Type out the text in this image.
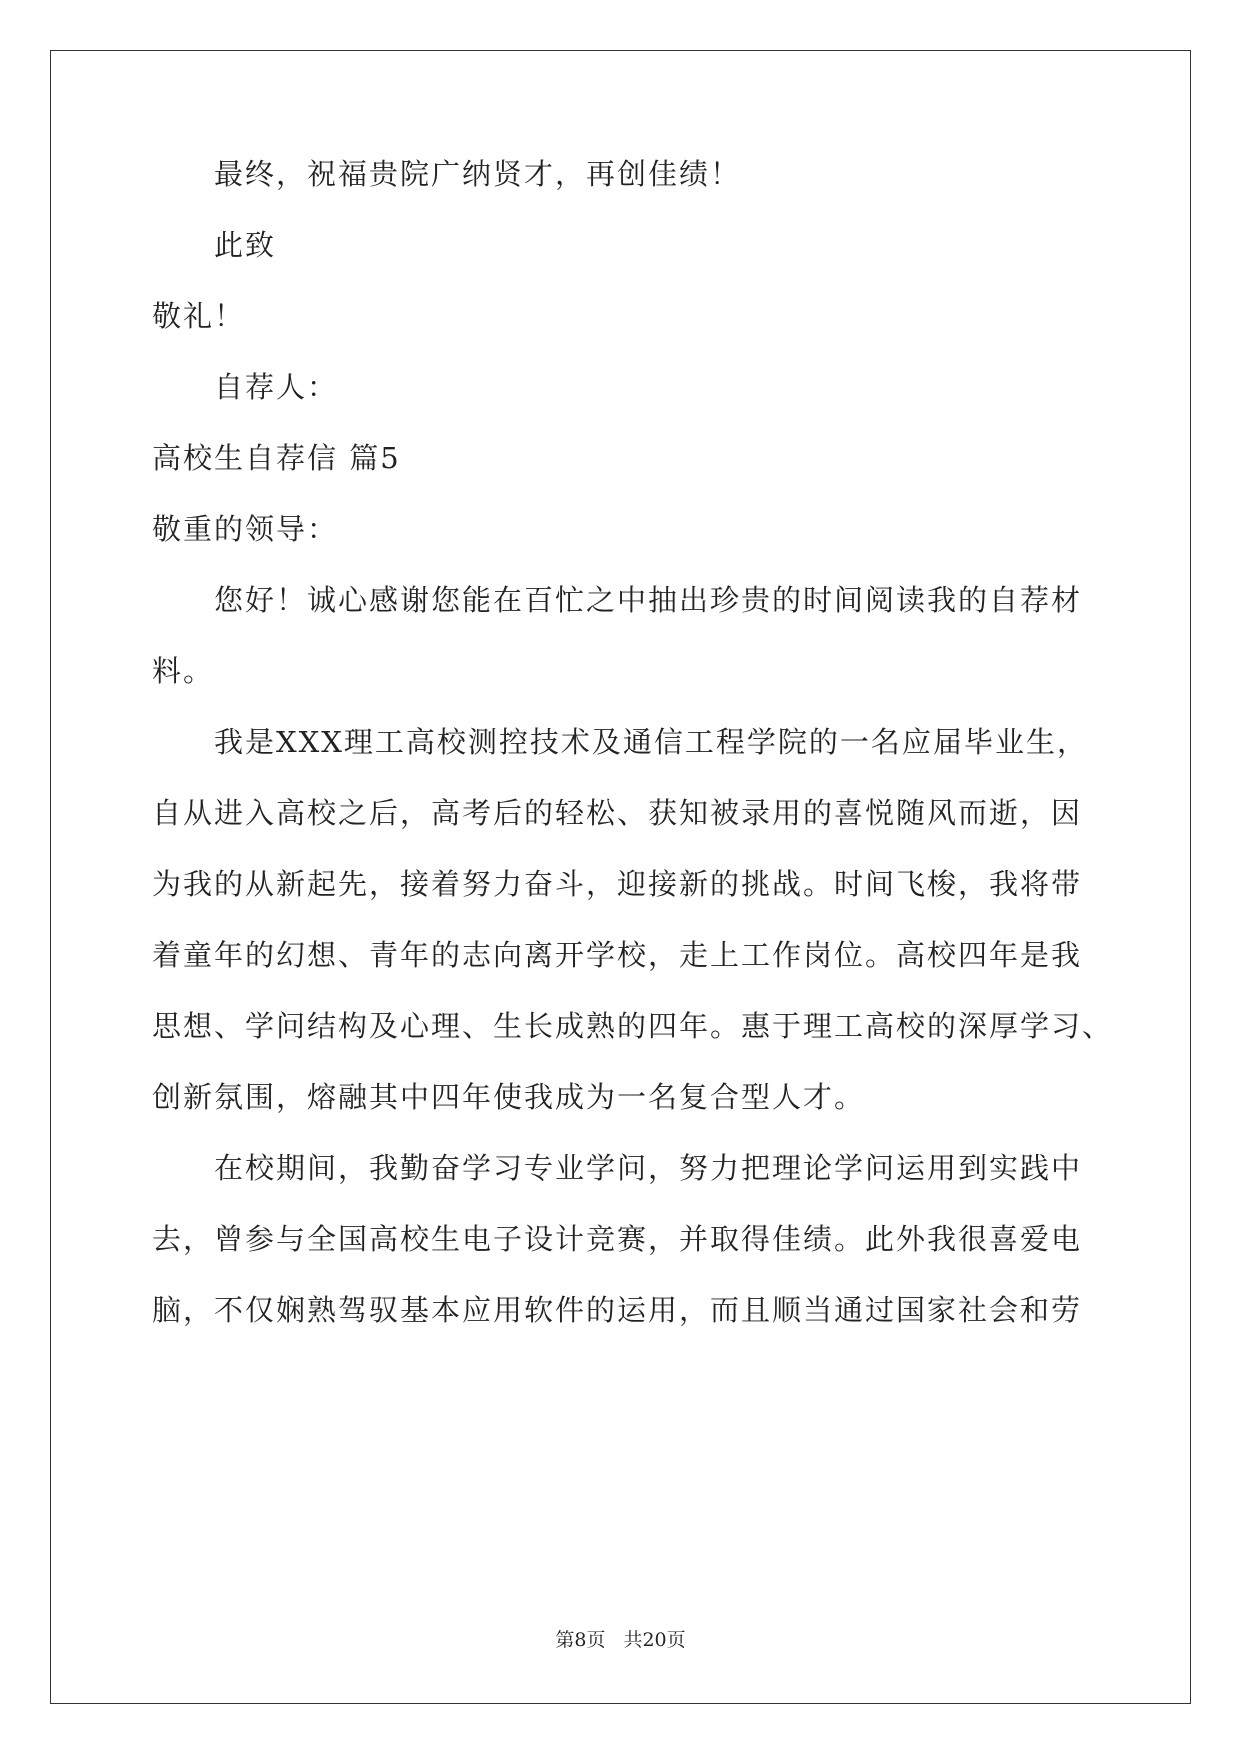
最终，祝福贵院广纳贤才，再创佳绩！
此致
敬礼！
自荐人：
高校生自荐信 篇5
敬重的领导：
您好！诚心感谢您能在百忙之中抽出珍贵的时间阅读我的自荐材
料。
我是XXX理工高校测控技术及通信工程学院的一名应届毕业生，
自从进入高校之后，高考后的轻松、获知被录用的喜悦随风而逝，因
为我的从新起先，接着努力奋斗，迎接新的挑战。时间飞梭，我将带
着童年的幻想、青年的志向离开学校，走上工作岗位。高校四年是我
思想、学问结构及心理、生长成熟的四年。惠于理工高校的深厚学习、
创新氛围，熔融其中四年使我成为一名复合型人才。
在校期间，我勤奋学习专业学问，努力把理论学问运用到实践中
去，曾参与全国高校生电子设计竞赛，并取得佳绩。此外我很喜爱电
脑，不仅娴熟驾驭基本应用软件的运用，而且顺当通过国家社会和劳
第8页 共20页
